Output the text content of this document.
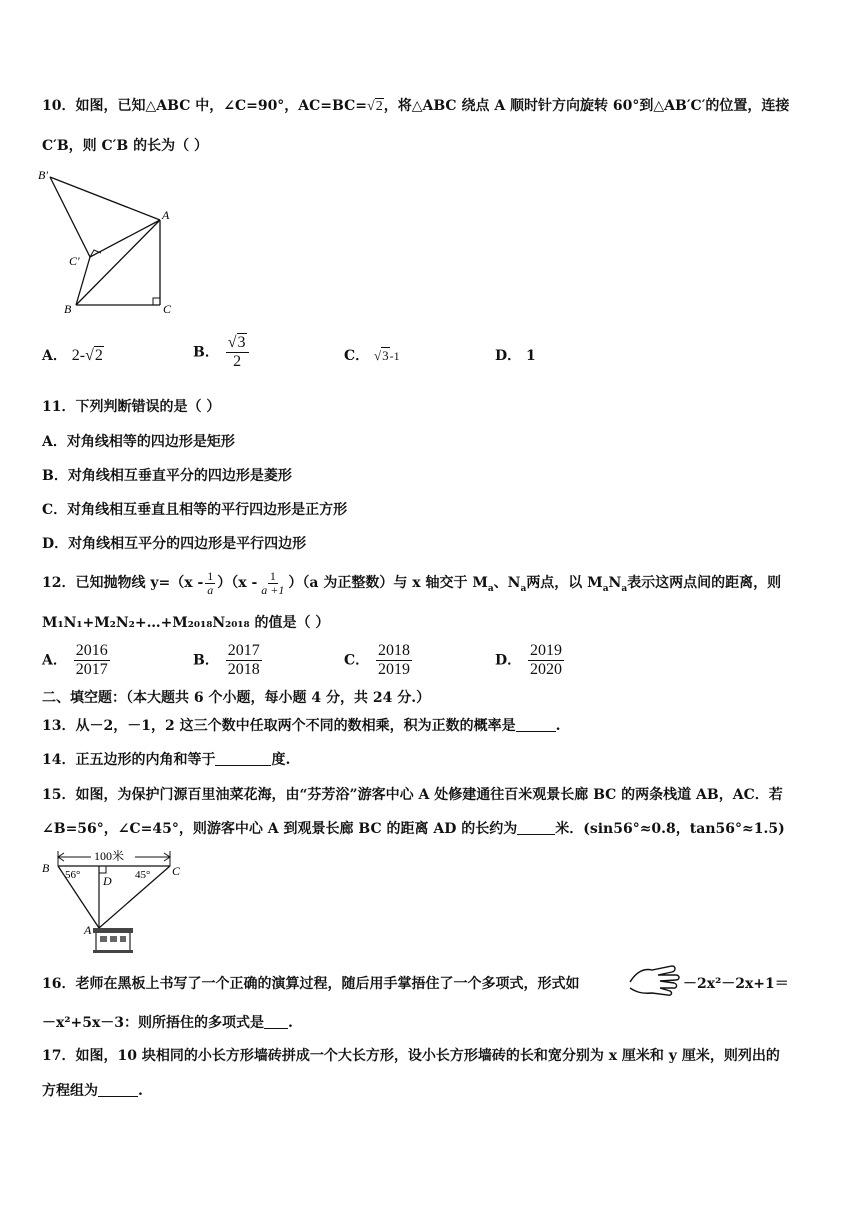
10．如图，已知△ABC 中，∠C=90°，AC=BC=√2，将△ABC 绕点 A 顺时针方向旋转 60°到△AB′C′的位置，连接
C′B，则 C′B 的长为（ ）
B′
A
C′
B	C
A． 2-√2	B． $\frac{√3}{2}$	C． √3-1	D． 1
11．下列判断错误的是（ ）
A．对角线相等的四边形是矩形
B．对角线相互垂直平分的四边形是菱形
C．对角线相互垂直且相等的平行四边形是正方形
D．对角线相互平分的四边形是平行四边形
12．已知抛物线 $y=(x - \frac{1}{a} )(x - \frac{1}{a +1} )(a$ 为正整数）与 x 轴交于 $M_a$、$N_a$两点，以 $M_aN_a$表示这两点间的距离，则
M₁N₁+M₂N₂+…+M₂₀₁₈N₂₀₁₈ 的值是（ ）
A． $\frac{2016}{2017}$	B． $\frac{2017}{2018}$	C． $\frac{2018}{2019}$	D． $\frac{2019}{2020}$
二、填空题：（本大题共 6 个小题，每小题 4 分，共 24 分.）
13．从－2，－1，2 这三个数中任取两个不同的数相乘，积为正数的概率是	.
14．正五边形的内角和等于	度.
15．如图，为保护门源百里油菜花海，由“芬芳浴”游客中心 A 处修建通往百米观景长廊 BC 的两条栈道 AB，AC．若
∠B=56°，∠C=45°，则游客中心 A 到观景长廊 BC 的距离 AD 的长约为	米．(sin56°≈0.8，tan56°≈1.5)
100米
B	C
D
56°	45°
A
16．老师在黑板上书写了一个正确的演算过程，随后用手掌捂住了一个多项式，形式如	－2x²－2x+1＝
－x²+5x－3：则所捂住的多项式是 .
17．如图，10 块相同的小长方形墙砖拼成一个大长方形，设小长方形墙砖的长和宽分别为 x 厘米和 y 厘米，则列出的
方程组为	.
